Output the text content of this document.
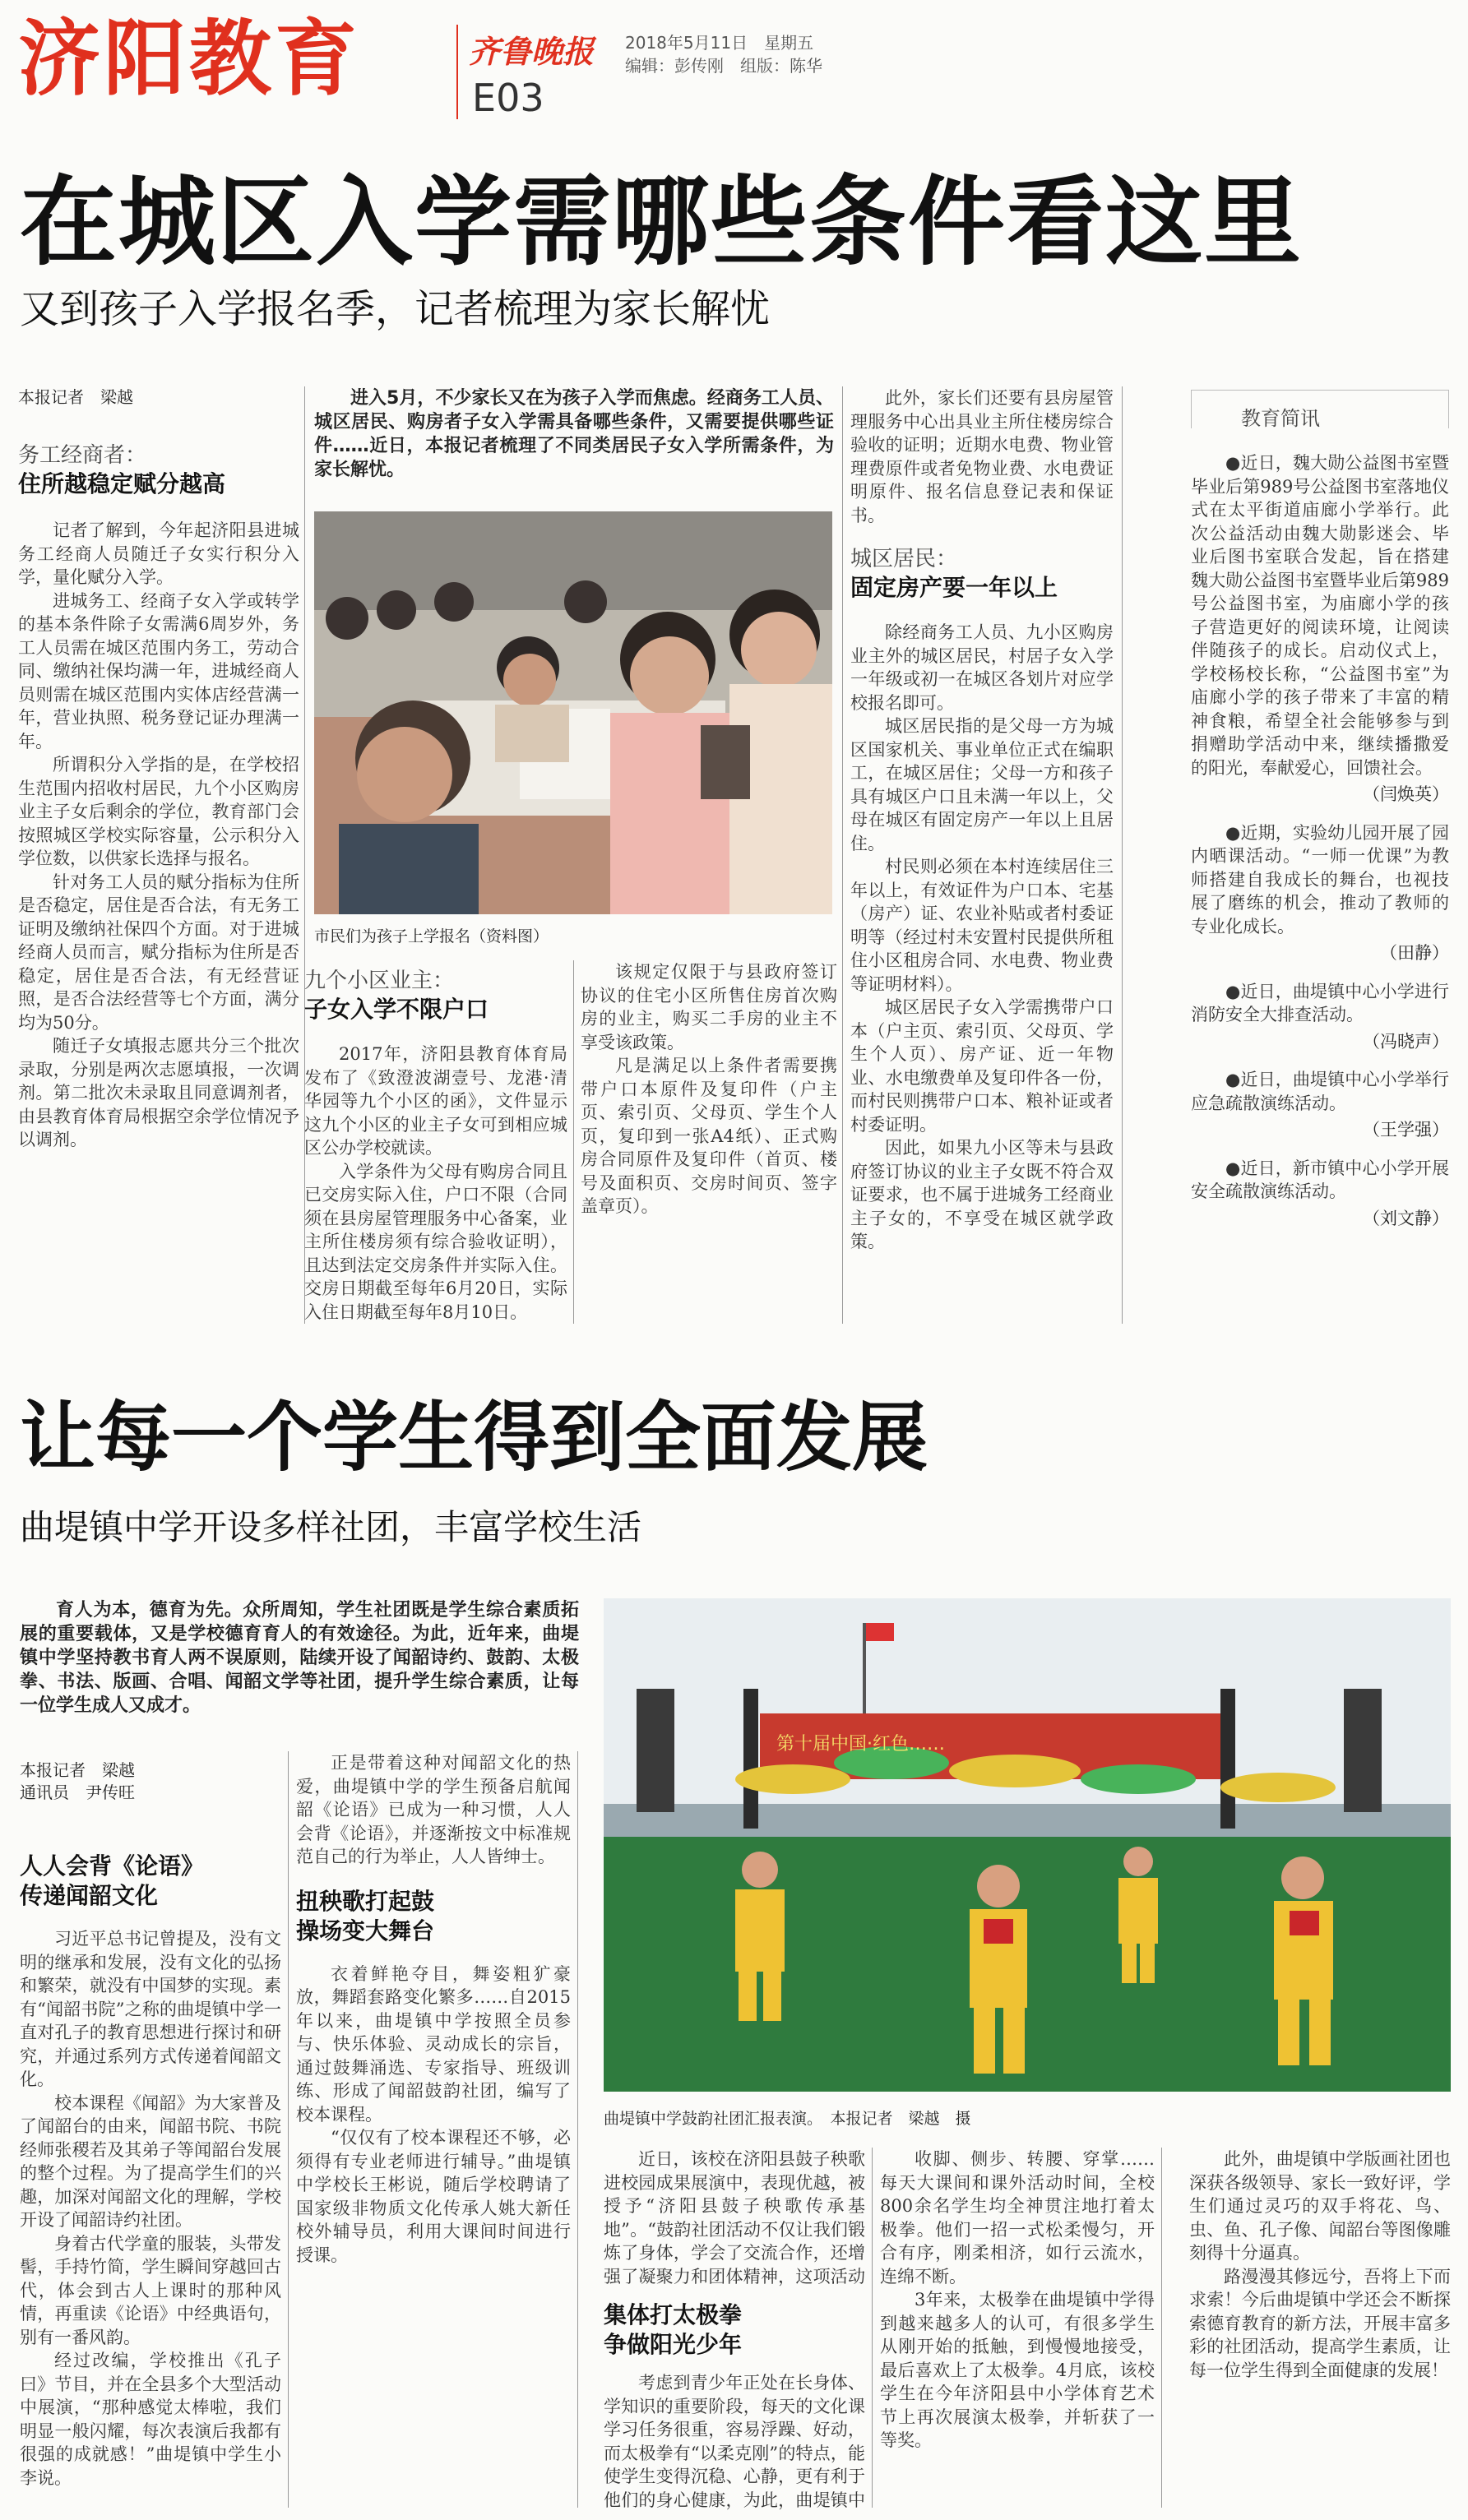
济阳教育	齐鲁晚报
E03
2018年5月11日　星期五
编辑：彭传刚　组版：陈华
在城区入学需哪些条件看这里
又到孩子入学报名季，记者梳理为家长解忧
本报记者　梁越
务工经商者：
住所越稳定赋分越高

记者了解到，今年起济阳县进城务工经商人员随迁子女实行积分入学，量化赋分入学。

进城务工、经商子女入学或转学的基本条件除子女需满6周岁外，务工人员需在城区范围内务工，劳动合同、缴纳社保均满一年，进城经商人员则需在城区范围内实体店经营满一年，营业执照、税务登记证办理满一年。

所谓积分入学指的是，在学校招生范围内招收村居民，九个小区购房业主子女后剩余的学位，教育部门会按照城区学校实际容量，公示积分入学位数，以供家长选择与报名。

针对务工人员的赋分指标为住所是否稳定，居住是否合法，有无务工证明及缴纳社保四个方面。对于进城经商人员而言，赋分指标为住所是否稳定，居住是否合法，有无经营证照，是否合法经营等七个方面，满分均为50分。

随迁子女填报志愿共分三个批次录取，分别是两次志愿填报，一次调剂。第二批次未录取且同意调剂者，由县教育体育局根据空余学位情况予以调剂。

进入5月，不少家长又在为孩子入学而焦虑。经商务工人员、城区居民、购房者子女入学需具备哪些条件，又需要提供哪些证件……近日，本报记者梳理了不同类居民子女入学所需条件，为家长解忧。

市民们为孩子上学报名（资料图）
九个小区业主：
子女入学不限户口

2017年，济阳县教育体育局发布了《致澄波湖壹号、龙港·清华园等九个小区的函》，文件显示这九个小区的业主子女可到相应城区公办学校就读。

入学条件为父母有购房合同且已交房实际入住，户口不限（合同须在县房屋管理服务中心备案，业主所住楼房须有综合验收证明），且达到法定交房条件并实际入住。交房日期截至每年6月20日，实际入住日期截至每年8月10日。

该规定仅限于与县政府签订协议的住宅小区所售住房首次购房的业主，购买二手房的业主不享受该政策。

凡是满足以上条件者需要携带户口本原件及复印件（户主页、索引页、父母页、学生个人页，复印到一张A4纸）、正式购房合同原件及复印件（首页、楼号及面积页、交房时间页、签字盖章页）。

此外，家长们还要有县房屋管理服务中心出具业主所住楼房综合验收的证明；近期水电费、物业管理费原件或者免物业费、水电费证明原件、报名信息登记表和保证书。

城区居民：
固定房产要一年以上

除经商务工人员、九小区购房业主外的城区居民，村居子女入学一年级或初一在城区各划片对应学校报名即可。

城区居民指的是父母一方为城区国家机关、事业单位正式在编职工，在城区居住；父母一方和孩子具有城区户口且未满一年以上，父母在城区有固定房产一年以上且居住。

村民则必须在本村连续居住三年以上，有效证件为户口本、宅基（房产）证、农业补贴或者村委证明等（经过村未安置村民提供所租住小区租房合同、水电费、物业费等证明材料）。

城区居民子女入学需携带户口本（户主页、索引页、父母页、学生个人页）、房产证、近一年物业、水电缴费单及复印件各一份，而村民则携带户口本、粮补证或者村委证明。

因此，如果九小区等未与县政府签订协议的业主子女既不符合双证要求，也不属于进城务工经商业主子女的，不享受在城区就学政策。

教育简讯

●近日，魏大勋公益图书室暨毕业后第989号公益图书室落地仪式在太平街道庙廊小学举行。此次公益活动由魏大勋影迷会、毕业后图书室联合发起，旨在搭建魏大勋公益图书室暨毕业后第989号公益图书室，为庙廊小学的孩子营造更好的阅读环境，让阅读伴随孩子的成长。启动仪式上，学校杨校长称，“公益图书室”为庙廊小学的孩子带来了丰富的精神食粮，希望全社会能够参与到捐赠助学活动中来，继续播撒爱的阳光，奉献爱心，回馈社会。

（闫焕英）

●近期，实验幼儿园开展了园内晒课活动。“一师一优课”为教师搭建自我成长的舞台，也视技展了磨练的机会，推动了教师的专业化成长。

（田静）

●近日，曲堤镇中心小学进行消防安全大排查活动。

（冯晓声）

●近日，曲堤镇中心小学举行应急疏散演练活动。

（王学强）

●近日，新市镇中心小学开展安全疏散演练活动。

（刘文静）
让每一个学生得到全面发展
曲堤镇中学开设多样社团，丰富学校生活

育人为本，德育为先。众所周知，学生社团既是学生综合素质拓展的重要载体，又是学校德育育人的有效途径。为此，近年来，曲堤镇中学坚持教书育人两不误原则，陆续开设了闻韶诗约、鼓韵、太极拳、书法、版画、合唱、闻韶文学等社团，提升学生综合素质，让每一位学生成人又成才。

本报记者　梁越
通讯员　尹传旺
第十届中国·红色……
曲堤镇中学鼓韵社团汇报表演。　本报记者　梁越　摄
人人会背《论语》
传递闻韶文化

习近平总书记曾提及，没有文明的继承和发展，没有文化的弘扬和繁荣，就没有中国梦的实现。素有“闻韶书院”之称的曲堤镇中学一直对孔子的教育思想进行探讨和研究，并通过系列方式传递着闻韶文化。

校本课程《闻韶》为大家普及了闻韶台的由来，闻韶书院、书院经师张稷若及其弟子等闻韶台发展的整个过程。为了提高学生们的兴趣，加深对闻韶文化的理解，学校开设了闻韶诗约社团。

身着古代学童的服装，头带发髻，手持竹简，学生瞬间穿越回古代，体会到古人上课时的那种风情，再重读《论语》中经典语句，别有一番风韵。

经过改编，学校推出《孔子曰》节目，并在全县多个大型活动中展演，“那种感觉太棒啦，我们明显一般闪耀，每次表演后我都有很强的成就感！”曲堤镇中学生小李说。

正是带着这种对闻韶文化的热爱，曲堤镇中学的学生预备启航闻韶《论语》已成为一种习惯，人人会背《论语》，并逐渐按文中标准规范自己的行为举止，人人皆绅士。

扭秧歌打起鼓
操场变大舞台

衣着鲜艳夺目，舞姿粗犷豪放，舞蹈套路变化繁多……自2015年以来，曲堤镇中学按照全员参与、快乐体验、灵动成长的宗旨，通过鼓舞涌选、专家指导、班级训练、形成了闻韶鼓韵社团，编写了校本课程。

“仅仅有了校本课程还不够，必须得有专业老师进行辅导。”曲堤镇中学校长王彬说，随后学校聘请了国家级非物质文化传承人姚大新任校外辅导员，利用大课间时间进行授课。

近日，该校在济阳县鼓子秧歌进校园成果展演中，表现优越，被授予“济阳县鼓子秧歌传承基地”。“鼓韵社团活动不仅让我们锻炼了身体，学会了交流合作，还增强了凝聚力和团体精神，这项活动

集体打太极拳
争做阳光少年

考虑到青少年正处在长身体、学知识的重要阶段，每天的文化课学习任务很重，容易浮躁、好动，而太极拳有“以柔克刚”的特点，能使学生变得沉稳、心静，更有利于他们的身心健康，为此，曲堤镇中

收脚、侧步、转腰、穿掌……每天大课间和课外活动时间，全校800余名学生均全神贯注地打着太极拳。他们一招一式松柔慢匀，开合有序，刚柔相济，如行云流水，连绵不断。

3年来，太极拳在曲堤镇中学得到越来越多人的认可，有很多学生从刚开始的抵触，到慢慢地接受，最后喜欢上了太极拳。4月底，该校学生在今年济阳县中小学体育艺术节上再次展演太极拳，并斩获了一等奖。

此外，曲堤镇中学版画社团也深获各级领导、家长一致好评，学生们通过灵巧的双手将花、鸟、虫、鱼、孔子像、闻韶台等图像雕刻得十分逼真。

路漫漫其修远兮，吾将上下而求索！今后曲堤镇中学还会不断探索德育教育的新方法，开展丰富多彩的社团活动，提高学生素质，让每一位学生得到全面健康的发展！
